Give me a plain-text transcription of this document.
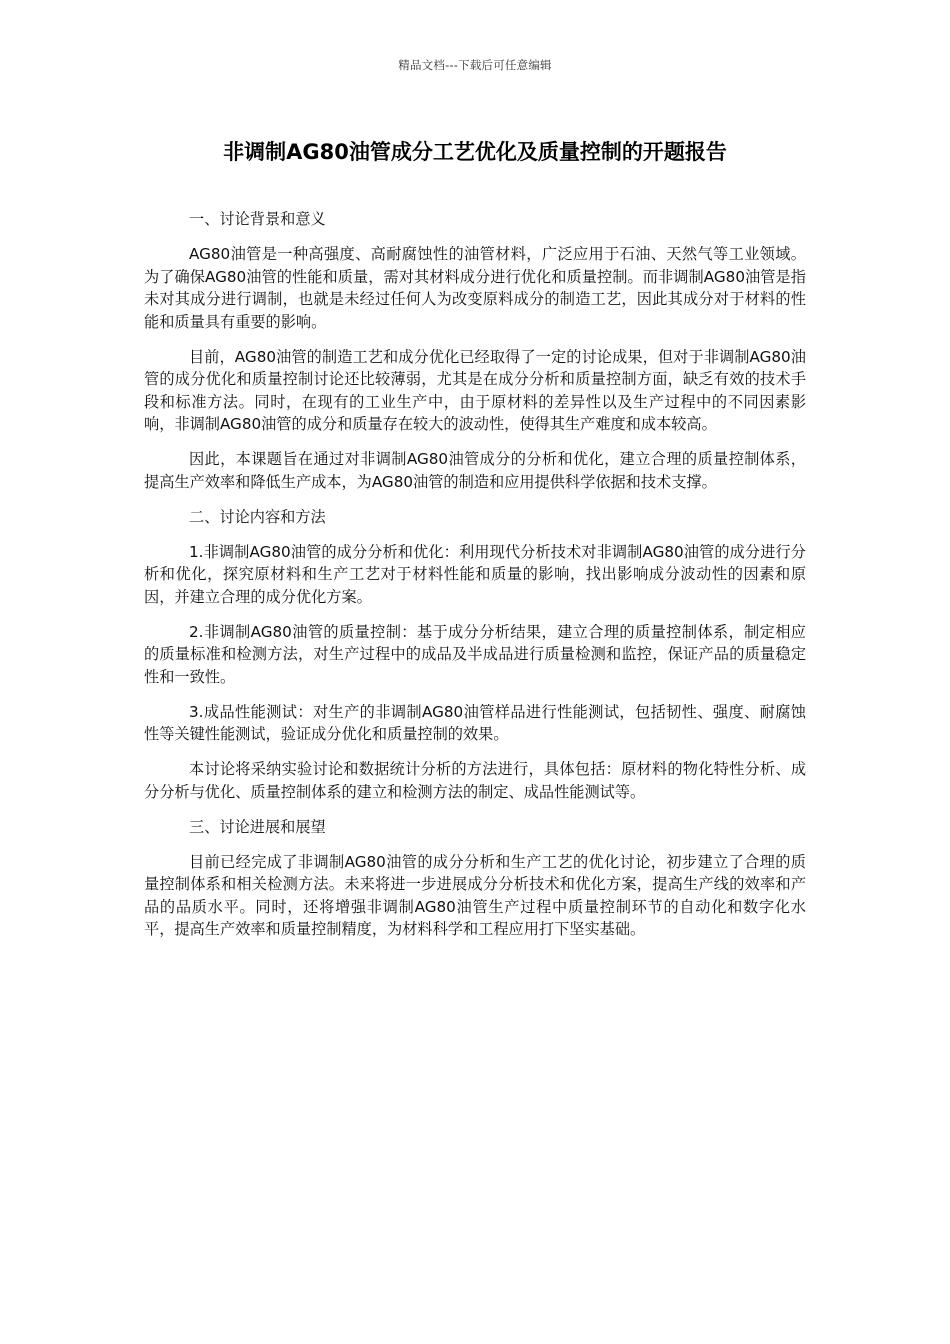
精品文档---下载后可任意编辑
非调制AG80油管成分工艺优化及质量控制的开题报告

一、讨论背景和意义

AG80油管是一种高强度、高耐腐蚀性的油管材料，广泛应用于石油、天然气等工业领域。为了确保AG80油管的性能和质量，需对其材料成分进行优化和质量控制。而非调制AG80油管是指未对其成分进行调制，也就是未经过任何人为改变原料成分的制造工艺，因此其成分对于材料的性能和质量具有重要的影响。

目前，AG80油管的制造工艺和成分优化已经取得了一定的讨论成果，但对于非调制AG80油管的成分优化和质量控制讨论还比较薄弱，尤其是在成分分析和质量控制方面，缺乏有效的技术手段和标准方法。同时，在现有的工业生产中，由于原材料的差异性以及生产过程中的不同因素影响，非调制AG80油管的成分和质量存在较大的波动性，使得其生产难度和成本较高。

因此，本课题旨在通过对非调制AG80油管成分的分析和优化，建立合理的质量控制体系，提高生产效率和降低生产成本，为AG80油管的制造和应用提供科学依据和技术支撑。

二、讨论内容和方法

1.非调制AG80油管的成分分析和优化：利用现代分析技术对非调制AG80油管的成分进行分析和优化，探究原材料和生产工艺对于材料性能和质量的影响，找出影响成分波动性的因素和原因，并建立合理的成分优化方案。

2.非调制AG80油管的质量控制：基于成分分析结果，建立合理的质量控制体系，制定相应的质量标准和检测方法，对生产过程中的成品及半成品进行质量检测和监控，保证产品的质量稳定性和一致性。

3.成品性能测试：对生产的非调制AG80油管样品进行性能测试，包括韧性、强度、耐腐蚀性等关键性能测试，验证成分优化和质量控制的效果。

本讨论将采纳实验讨论和数据统计分析的方法进行，具体包括：原材料的物化特性分析、成分分析与优化、质量控制体系的建立和检测方法的制定、成品性能测试等。

三、讨论进展和展望

目前已经完成了非调制AG80油管的成分分析和生产工艺的优化讨论，初步建立了合理的质量控制体系和相关检测方法。未来将进一步进展成分分析技术和优化方案，提高生产线的效率和产品的品质水平。同时，还将增强非调制AG80油管生产过程中质量控制环节的自动化和数字化水平，提高生产效率和质量控制精度，为材料科学和工程应用打下坚实基础。
